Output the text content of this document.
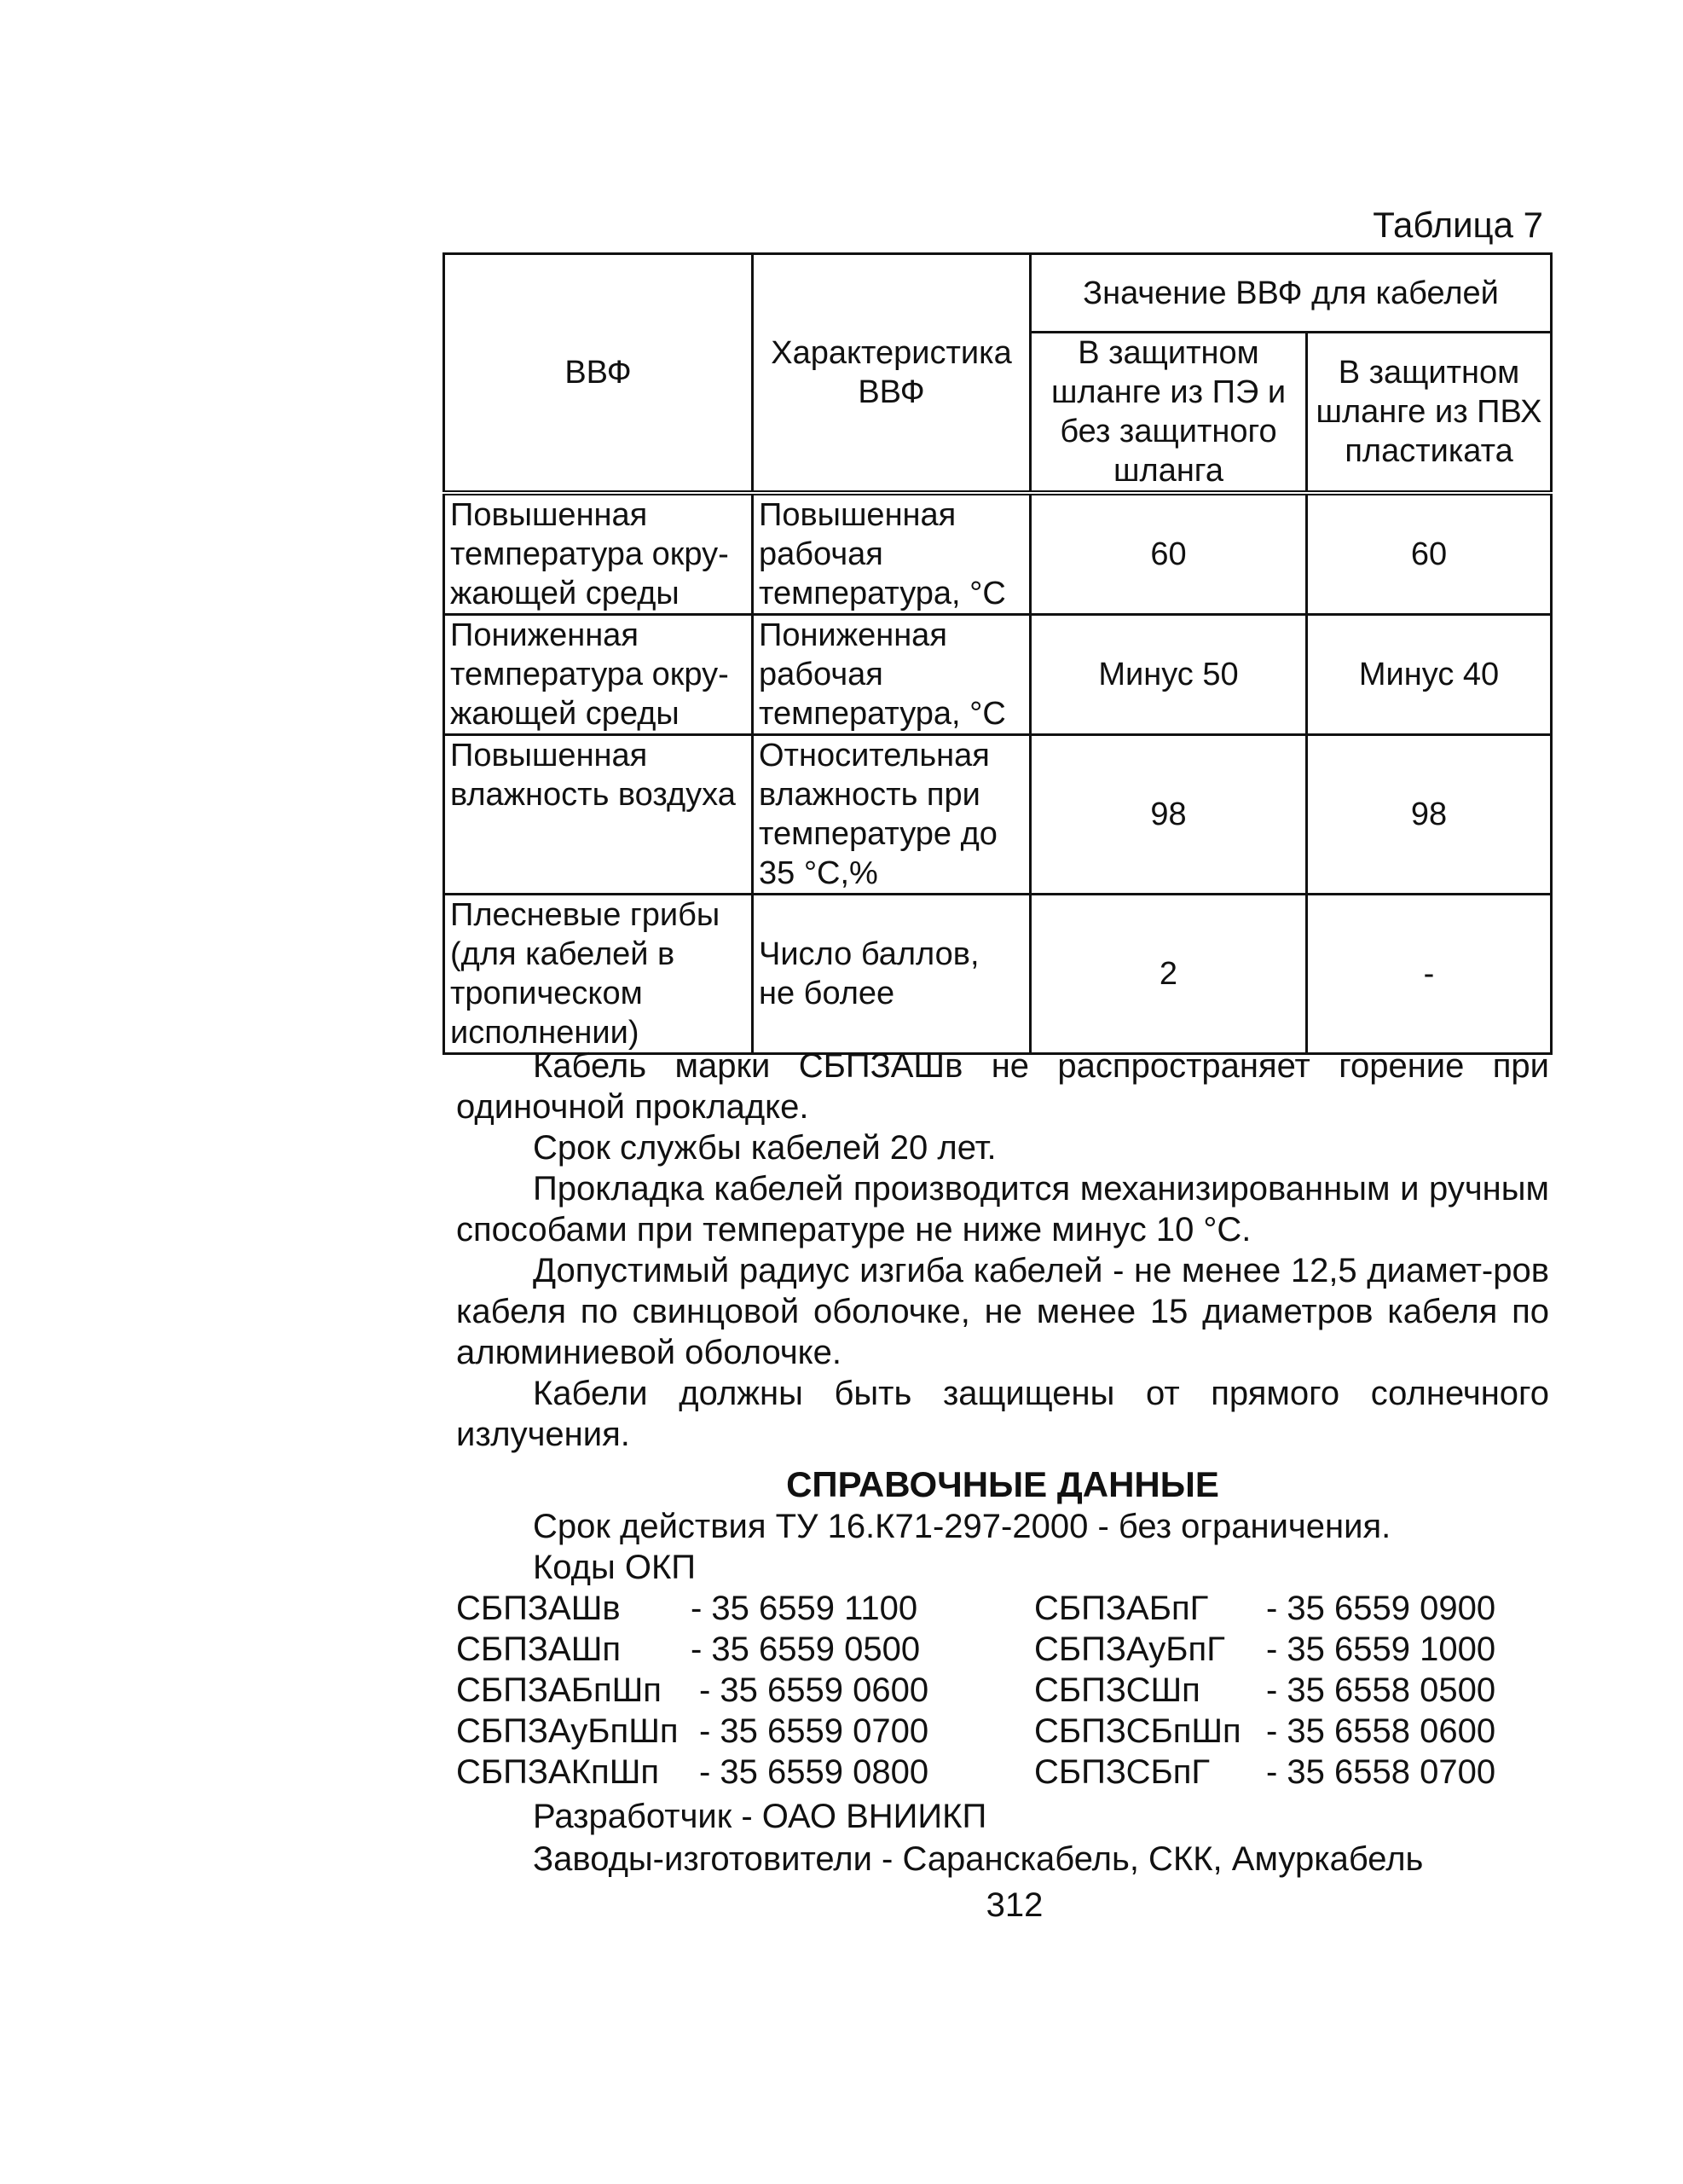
Таблица 7
ВВФ	Характеристика ВВФ	Значение ВВФ для кабелей	
		В защитном шланге из ПЭ и без защитного шланга	В защитном шланге из ПВХ пластиката
Повышенная температура окру-жающей среды	Повышенная рабочая температура, °С	60	60
Пониженная температура окру-жающей среды	Пониженная рабочая температура, °С	Минус 50	Минус 40
Повышенная влажность воздуха	Относительная влажность при температуре до 35 °С,%	98	98
Плесневые грибы (для кабелей в тропическом исполнении)	Число баллов, не более	2	-

Кабель марки СБПЗАШв не распространяет горение при одиночной прокладке.

Срок службы кабелей 20 лет.

Прокладка кабелей производится механизированным и ручным способами при температуре не ниже минус 10 °С.

Допустимый радиус изгиба кабелей - не менее 12,5 диамет-ров кабеля по свинцовой оболочке, не менее 15 диаметров кабеля по алюминиевой оболочке.

Кабели должны быть защищены от прямого солнечного излучения.

СПРАВОЧНЫЕ ДАННЫЕ
Срок действия ТУ 16.К71-297-2000 - без ограничения.
Коды ОКП
СБПЗАШв - 35 6559 1100	СБПЗАБпГ - 35 6559 0900
СБПЗАШп - 35 6559 0500	СБПЗАуБпГ - 35 6559 1000
СБПЗАБпШп - 35 6559 0600	СБПЗСШп - 35 6558 0500
СБПЗАуБпШп - 35 6559 0700	СБПЗСБпШп - 35 6558 0600
СБПЗАКпШп - 35 6559 0800	СБПЗСБпГ - 35 6558 0700
Разработчик - ОАО ВНИИКП
Заводы-изготовители - Саранскабель, СКК, Амуркабель
312
